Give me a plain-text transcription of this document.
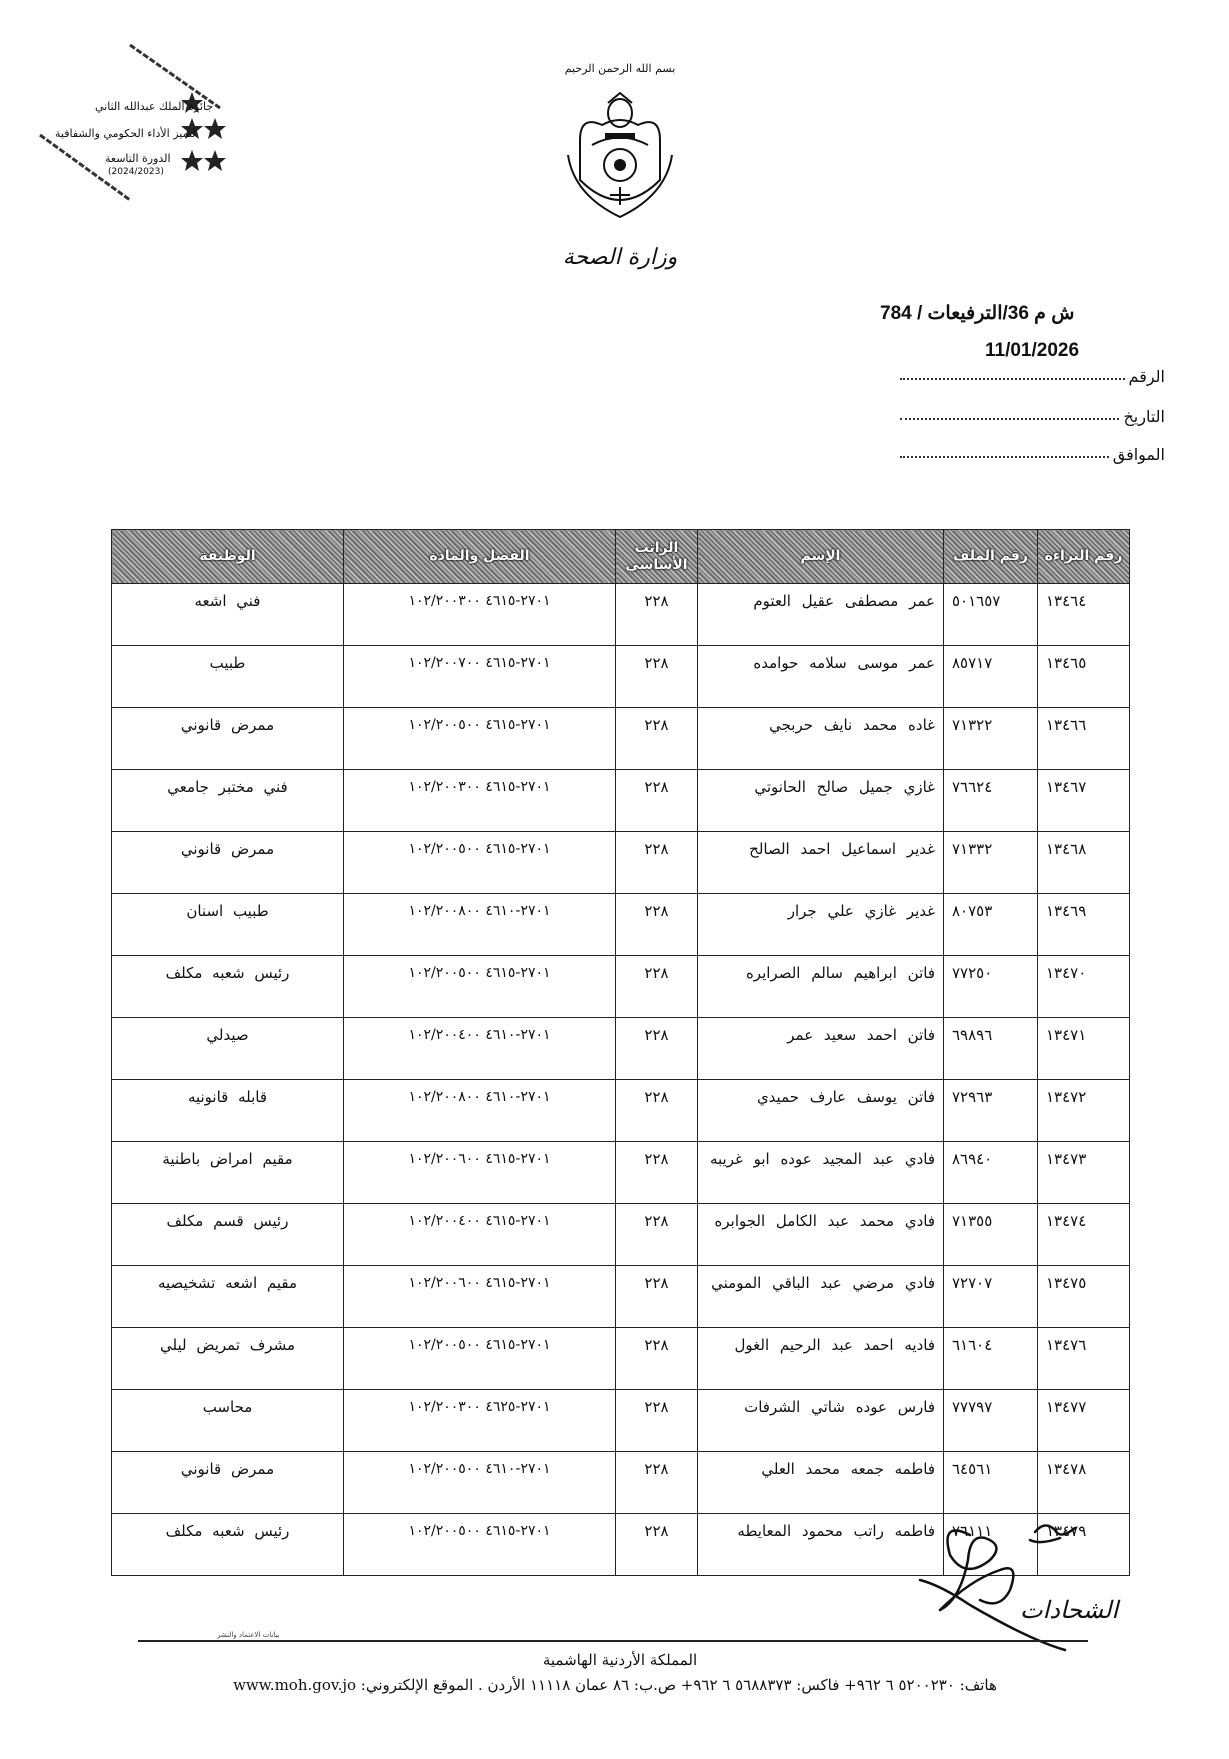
جائزة الملك عبدالله الثاني
لتميز الأداء الحكومي والشفافية
الدورة التاسعة
(2024/2023)
بسم الله الرحمن الرحيم
وزارة الصحة
ش م 36/الترفيعات / 784
11/01/2026
الرقم
التاريخ
الموافق
رقم البراءة	رقم الملف	الإسم	الراتب الأساسي	الفصل والمادة	الوظيفة
١٣٤٦٤	٥٠١٦٥٧	عمر مصطفى عقيل العتوم	٢٢٨	٢٧٠١-٤٦١٥ ١٠٢/٢٠٠٣٠٠	فني اشعه
١٣٤٦٥	٨٥٧١٧	عمر موسى سلامه حوامده	٢٢٨	٢٧٠١-٤٦١٥ ١٠٢/٢٠٠٧٠٠	طبيب
١٣٤٦٦	٧١٣٢٢	غاده محمد نايف حربجي	٢٢٨	٢٧٠١-٤٦١٥ ١٠٢/٢٠٠٥٠٠	ممرض قانوني
١٣٤٦٧	٧٦٦٢٤	غازي جميل صالح الحانوتي	٢٢٨	٢٧٠١-٤٦١٥ ١٠٢/٢٠٠٣٠٠	فني مختبر جامعي
١٣٤٦٨	٧١٣٣٢	غدير اسماعيل احمد الصالح	٢٢٨	٢٧٠١-٤٦١٥ ١٠٢/٢٠٠٥٠٠	ممرض قانوني
١٣٤٦٩	٨٠٧٥٣	غدير غازي علي جرار	٢٢٨	٢٧٠١-٤٦١٠ ١٠٢/٢٠٠٨٠٠	طبيب اسنان
١٣٤٧٠	٧٧٢٥٠	فاتن ابراهيم سالم الصرايره	٢٢٨	٢٧٠١-٤٦١٥ ١٠٢/٢٠٠٥٠٠	رئيس شعبه مكلف
١٣٤٧١	٦٩٨٩٦	فاتن احمد سعيد عمر	٢٢٨	٢٧٠١-٤٦١٠ ١٠٢/٢٠٠٤٠٠	صيدلي
١٣٤٧٢	٧٢٩٦٣	فاتن يوسف عارف حميدي	٢٢٨	٢٧٠١-٤٦١٠ ١٠٢/٢٠٠٨٠٠	قابله قانونيه
١٣٤٧٣	٨٦٩٤٠	فادي عبد المجيد عوده ابو غريبه	٢٢٨	٢٧٠١-٤٦١٥ ١٠٢/٢٠٠٦٠٠	مقيم امراض باطنية
١٣٤٧٤	٧١٣٥٥	فادي محمد عبد الكامل الجوابره	٢٢٨	٢٧٠١-٤٦١٥ ١٠٢/٢٠٠٤٠٠	رئيس قسم مكلف
١٣٤٧٥	٧٢٧٠٧	فادي مرضي عبد الباقي المومني	٢٢٨	٢٧٠١-٤٦١٥ ١٠٢/٢٠٠٦٠٠	مقيم اشعه تشخيصيه
١٣٤٧٦	٦١٦٠٤	فاديه احمد عبد الرحيم الغول	٢٢٨	٢٧٠١-٤٦١٥ ١٠٢/٢٠٠٥٠٠	مشرف تمريض ليلي
١٣٤٧٧	٧٧٧٩٧	فارس عوده شاتي الشرفات	٢٢٨	٢٧٠١-٤٦٢٥ ١٠٢/٢٠٠٣٠٠	محاسب
١٣٤٧٨	٦٤٥٦١	فاطمه جمعه محمد العلي	٢٢٨	٢٧٠١-٤٦١٠ ١٠٢/٢٠٠٥٠٠	ممرض قانوني
١٣٤٧٩	٧٦١١١	فاطمه راتب محمود المعايطه	٢٢٨	٢٧٠١-٤٦١٥ ١٠٢/٢٠٠٥٠٠	رئيس شعبه مكلف
الشحادات
بيانات الاعتماد والنشر
المملكة الأردنية الهاشمية
هاتف: ٥٢٠٠٢٣٠ ٦ ٩٦٢+ فاكس: ٥٦٨٨٣٧٣ ٦ ٩٦٢+ ص.ب: ٨٦ عمان ١١١١٨ الأردن . الموقع الإلكتروني: www.moh.gov.jo
